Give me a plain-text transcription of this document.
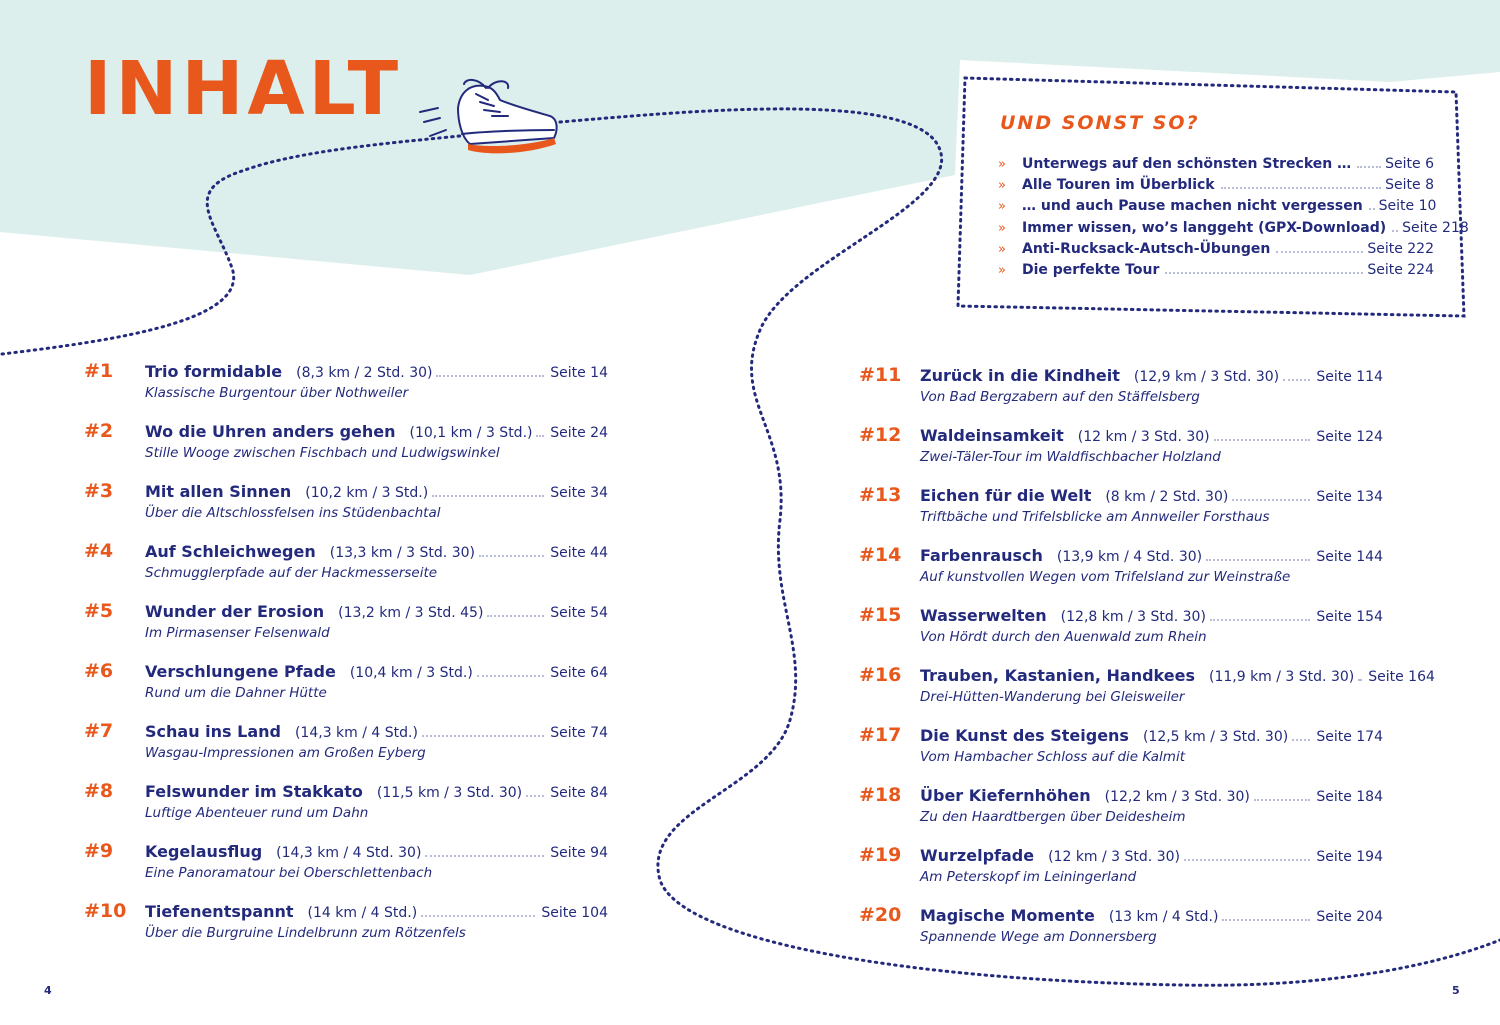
INHALT	UND SONST SO?
»	Unterwegs auf den schönsten Strecken … Seite 6
»	Alle Touren im Überblick	Seite 8
»	… und auch Pause machen nicht vergessen Seite 10
»	Immer wissen, wo’s langgeht (GPX-Download) Seite 218
»	Anti-Rucksack-Autsch-Übungen	Seite 222
»	Die perfekte Tour	Seite 224
#1 Trio formidable (8,3 km / 2 Std. 30)	Seite 14
Klassische Burgentour über Nothweiler
#2 Wo die Uhren anders gehen (10,1 km / 3 Std.) Seite 24
Stille Wooge zwischen Fischbach und Ludwigswinkel
#3 Mit allen Sinnen (10,2 km / 3 Std.)	Seite 34
Über die Altschlossfelsen ins Stüdenbachtal
#4 Auf Schleichwegen (13,3 km / 3 Std. 30)	Seite 44
Schmugglerpfade auf der Hackmesserseite
#5 Wunder der Erosion (13,2 km / 3 Std. 45)	Seite 54
Im Pirmasenser Felsenwald
#6 Verschlungene Pfade (10,4 km / 3 Std.)	Seite 64
Rund um die Dahner Hütte
#7 Schau ins Land (14,3 km / 4 Std.)	Seite 74
Wasgau-Impressionen am Großen Eyberg
#8 Felswunder im Stakkato (11,5 km / 3 Std. 30) Seite 84
Luftige Abenteuer rund um Dahn
#9 Kegelausflug (14,3 km / 4 Std. 30)	Seite 94
Eine Panoramatour bei Oberschlettenbach
#10 Tiefenentspannt (14 km / 4 Std.)	Seite 104
Über die Burgruine Lindelbrunn zum Rötzenfels
#11 Zurück in die Kindheit (12,9 km / 3 Std. 30)	Seite 114
Von Bad Bergzabern auf den Stäffelsberg
#12 Waldeinsamkeit (12 km / 3 Std. 30)	Seite 124
Zwei-Täler-Tour im Waldfischbacher Holzland
#13 Eichen für die Welt (8 km / 2 Std. 30)	Seite 134
Triftbäche und Trifelsblicke am Annweiler Forsthaus
#14 Farbenrausch (13,9 km / 4 Std. 30)	Seite 144
Auf kunstvollen Wegen vom Trifelsland zur Weinstraße
#15 Wasserwelten (12,8 km / 3 Std. 30)	Seite 154
Von Hördt durch den Auenwald zum Rhein
#16 Trauben, Kastanien, Handkees (11,9 km / 3 Std. 30) Seite 164
Drei-Hütten-Wanderung bei Gleisweiler
#17 Die Kunst des Steigens (12,5 km / 3 Std. 30) Seite 174
Vom Hambacher Schloss auf die Kalmit
#18 Über Kiefernhöhen (12,2 km / 3 Std. 30)	Seite 184
Zu den Haardtbergen über Deidesheim
#19 Wurzelpfade (12 km / 3 Std. 30)	Seite 194
Am Peterskopf im Leiningerland
#20 Magische Momente (13 km / 4 Std.)	Seite 204
Spannende Wege am Donnersberg
4	5
